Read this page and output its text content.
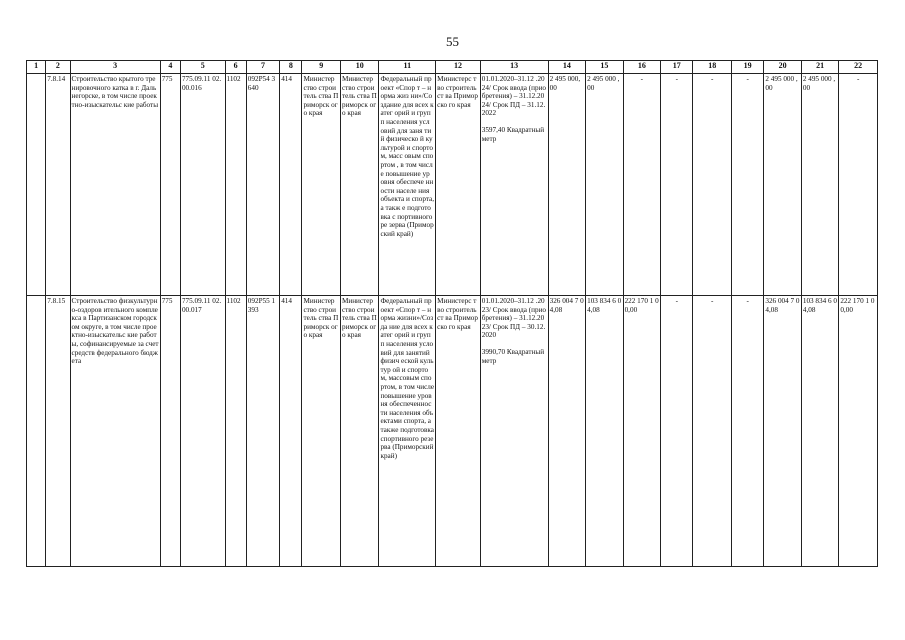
55
1	2	3	4	5	6	7	8	9	10	11	12	13	14	15	16	17	18	19	20	21	22
	7.8.14	Строительство крытого тренировочного катка в г. Дальнегорске, в том числе проектно-изыскательс кие работы	775	775.09.11 02.00.016	1102	092P54 3640	414	Министер ство строитель ства Приморск ого края	Министер ство строитель ства Приморск ого края	Федеральный проект «Спор т – норма жиз ни»/Создание для всех катег орий и групп населения усл овий для заня тий физическо й культурой и спортом, масс овым спортом , в том числе повышение ур овня обеспече нности населе ния объекта и спорта, а такж е подготовка с портивного ре зерва (Примор ский край)	Министерс тво строительст ва Приморско го края	01.01.2020–31.12 .2024/ Срок ввода (приобретения) – 31.12.2024/ Срок ПД – 31.12.2022
3597,40 Квадратный метр	2 495 000, 00	2 495 000 ,00	-	-	-	-	2 495 000 ,00	2 495 000 ,00	-
	7.8.15	Строительство физкультурно-оздоров ительного комплекса в Партизанском городском округе, в том числе проектно-изыскательс кие работы, софинансируемые за счет средств федерального бюджета	775	775.09.11 02.00.017	1102	092P55 1393	414	Министер ство строитель ства Приморск ого края	Министер ство строитель ства Приморск ого края	Федеральный проект «Спор т – норма жизни»/Созда ние для всех катег орий и групп населения условий для занятий физич еской культур ой и спортом, массовым спо ртом, в том числе повышение уровня обеспеченнос ти населения объектами спорта, а также подготовка спортивного резерва (Приморский край)	Министерс тво строительст ва Приморско го края	01.01.2020–31.12 .2023/ Срок ввода (приобретения) – 31.12.2023/ Срок ПД – 30.12.2020
3990,70 Квадратный метр	326 004 7 04,08	103 834 6 04,08	222 170 1 00,00	-	-	-	326 004 7 04,08	103 834 6 04,08	222 170 1 00,00
